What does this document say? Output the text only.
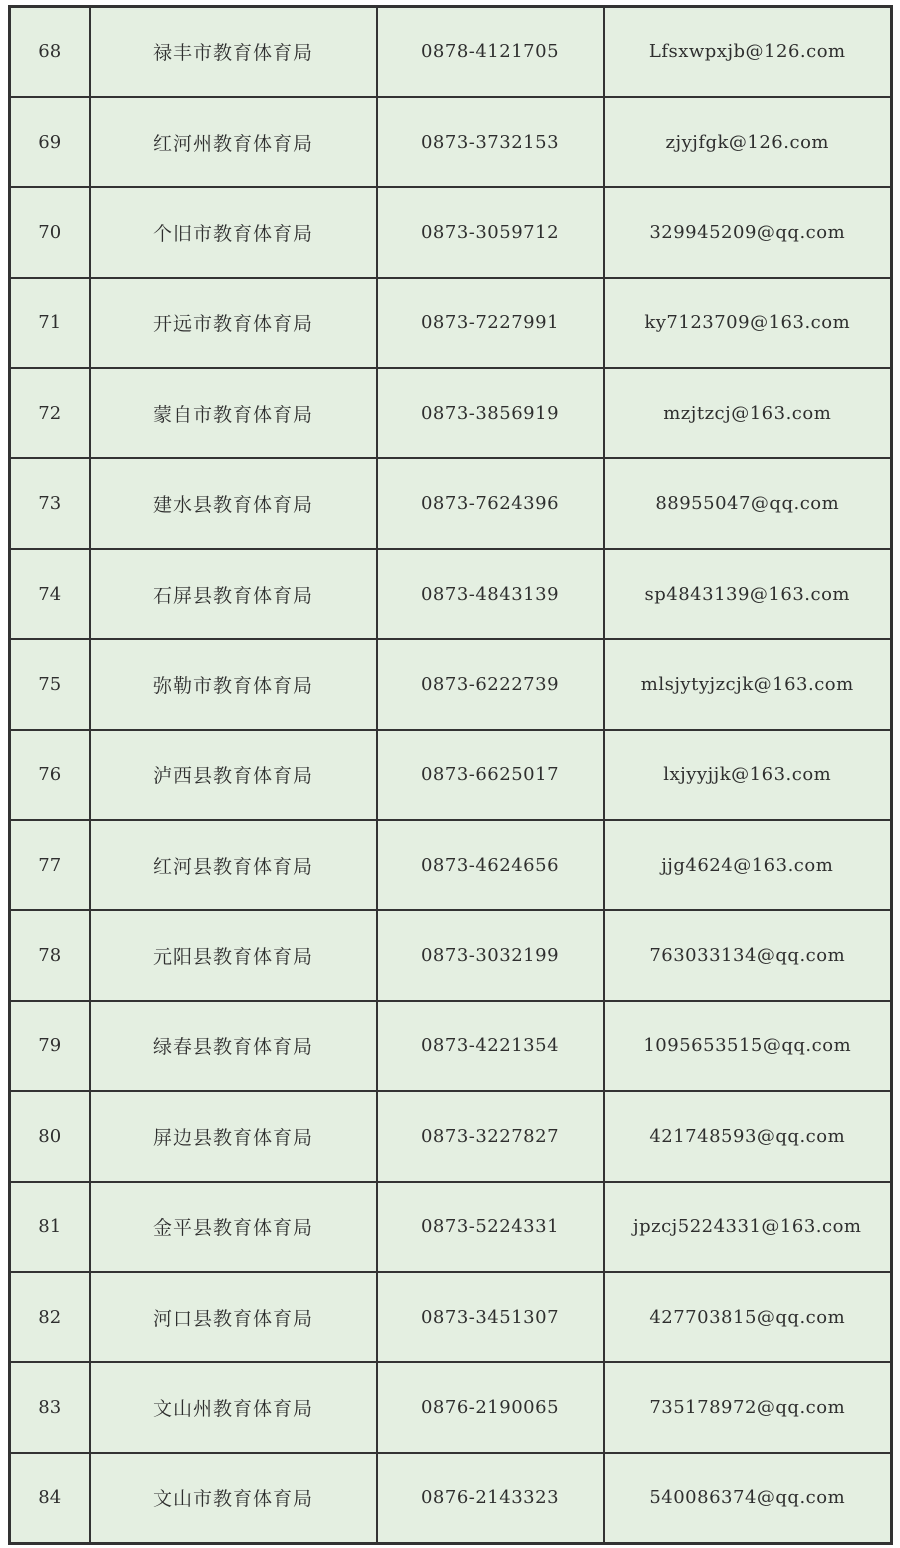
68	禄丰市教育体育局	0878-4121705	Lfsxwpxjb@126.com
69	红河州教育体育局	0873-3732153	zjyjfgk@126.com
70	个旧市教育体育局	0873-3059712	329945209@qq.com
71	开远市教育体育局	0873-7227991	ky7123709@163.com
72	蒙自市教育体育局	0873-3856919	mzjtzcj@163.com
73	建水县教育体育局	0873-7624396	88955047@qq.com
74	石屏县教育体育局	0873-4843139	sp4843139@163.com
75	弥勒市教育体育局	0873-6222739	mlsjytyjzcjk@163.com
76	泸西县教育体育局	0873-6625017	lxjyyjjk@163.com
77	红河县教育体育局	0873-4624656	jjg4624@163.com
78	元阳县教育体育局	0873-3032199	763033134@qq.com
79	绿春县教育体育局	0873-4221354	1095653515@qq.com
80	屏边县教育体育局	0873-3227827	421748593@qq.com
81	金平县教育体育局	0873-5224331	jpzcj5224331@163.com
82	河口县教育体育局	0873-3451307	427703815@qq.com
83	文山州教育体育局	0876-2190065	735178972@qq.com
84	文山市教育体育局	0876-2143323	540086374@qq.com
